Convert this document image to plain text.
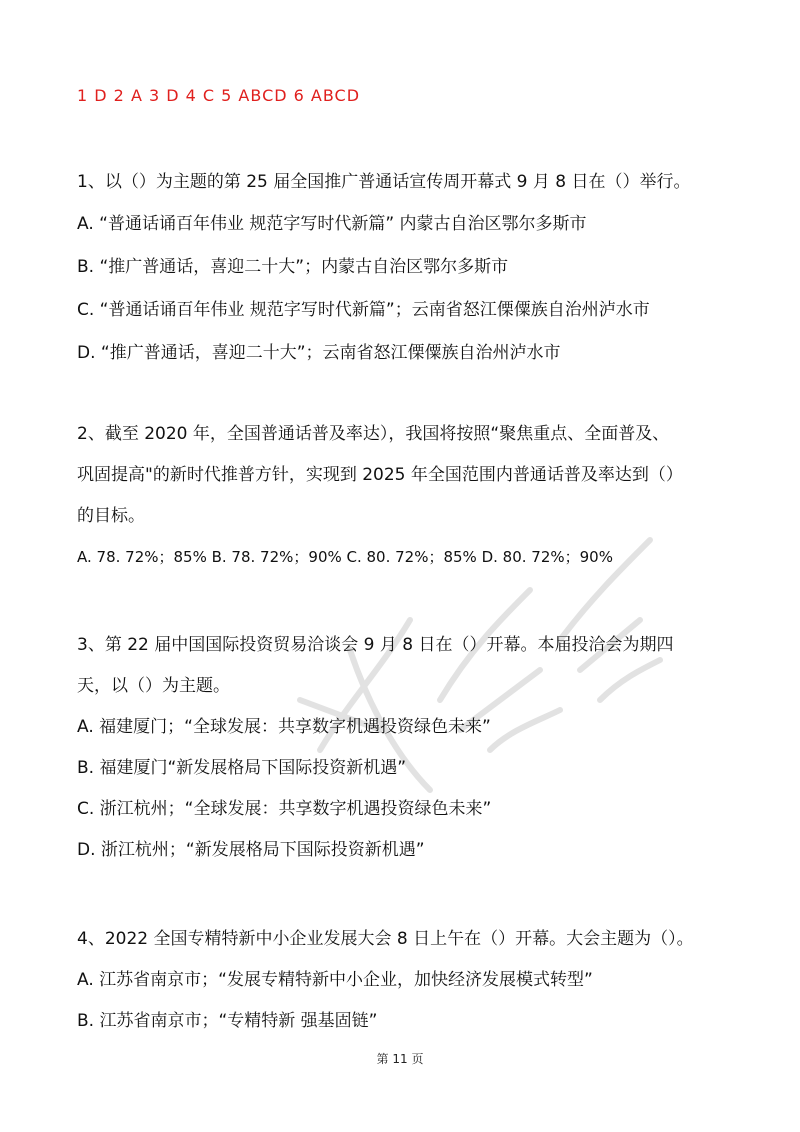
1 D 2 A 3 D 4 C 5 ABCD 6 ABCD
1、以（）为主题的第 25 届全国推广普通话宣传周开幕式 9 月 8 日在（）举行。
A. “普通话诵百年伟业 规范字写时代新篇” 内蒙古自治区鄂尔多斯市
B. “推广普通话，喜迎二十大”；内蒙古自治区鄂尔多斯市
C. “普通话诵百年伟业 规范字写时代新篇”；云南省怒江傈僳族自治州泸水市
D. “推广普通话，喜迎二十大”；云南省怒江傈僳族自治州泸水市
2、截至 2020 年，全国普通话普及率达），我国将按照“聚焦重点、全面普及、
巩固提高"的新时代推普方针，实现到 2025 年全国范围内普通话普及率达到（）
的目标。
A. 78. 72%；85% B. 78. 72%；90% C. 80. 72%；85% D. 80. 72%；90%
3、第 22 届中国国际投资贸易洽谈会 9 月 8 日在（）开幕。本届投洽会为期四
天，以（）为主题。
A. 福建厦门；“全球发展：共享数字机遇投资绿色未来”
B. 福建厦门“新发展格局下国际投资新机遇”
C. 浙江杭州；“全球发展：共享数字机遇投资绿色未来”
D. 浙江杭州；“新发展格局下国际投资新机遇”
4、2022 全国专精特新中小企业发展大会 8 日上午在（）开幕。大会主题为（）。
A. 江苏省南京市；“发展专精特新中小企业，加快经济发展模式转型”
B. 江苏省南京市；“专精特新 强基固链”
第 11 页
